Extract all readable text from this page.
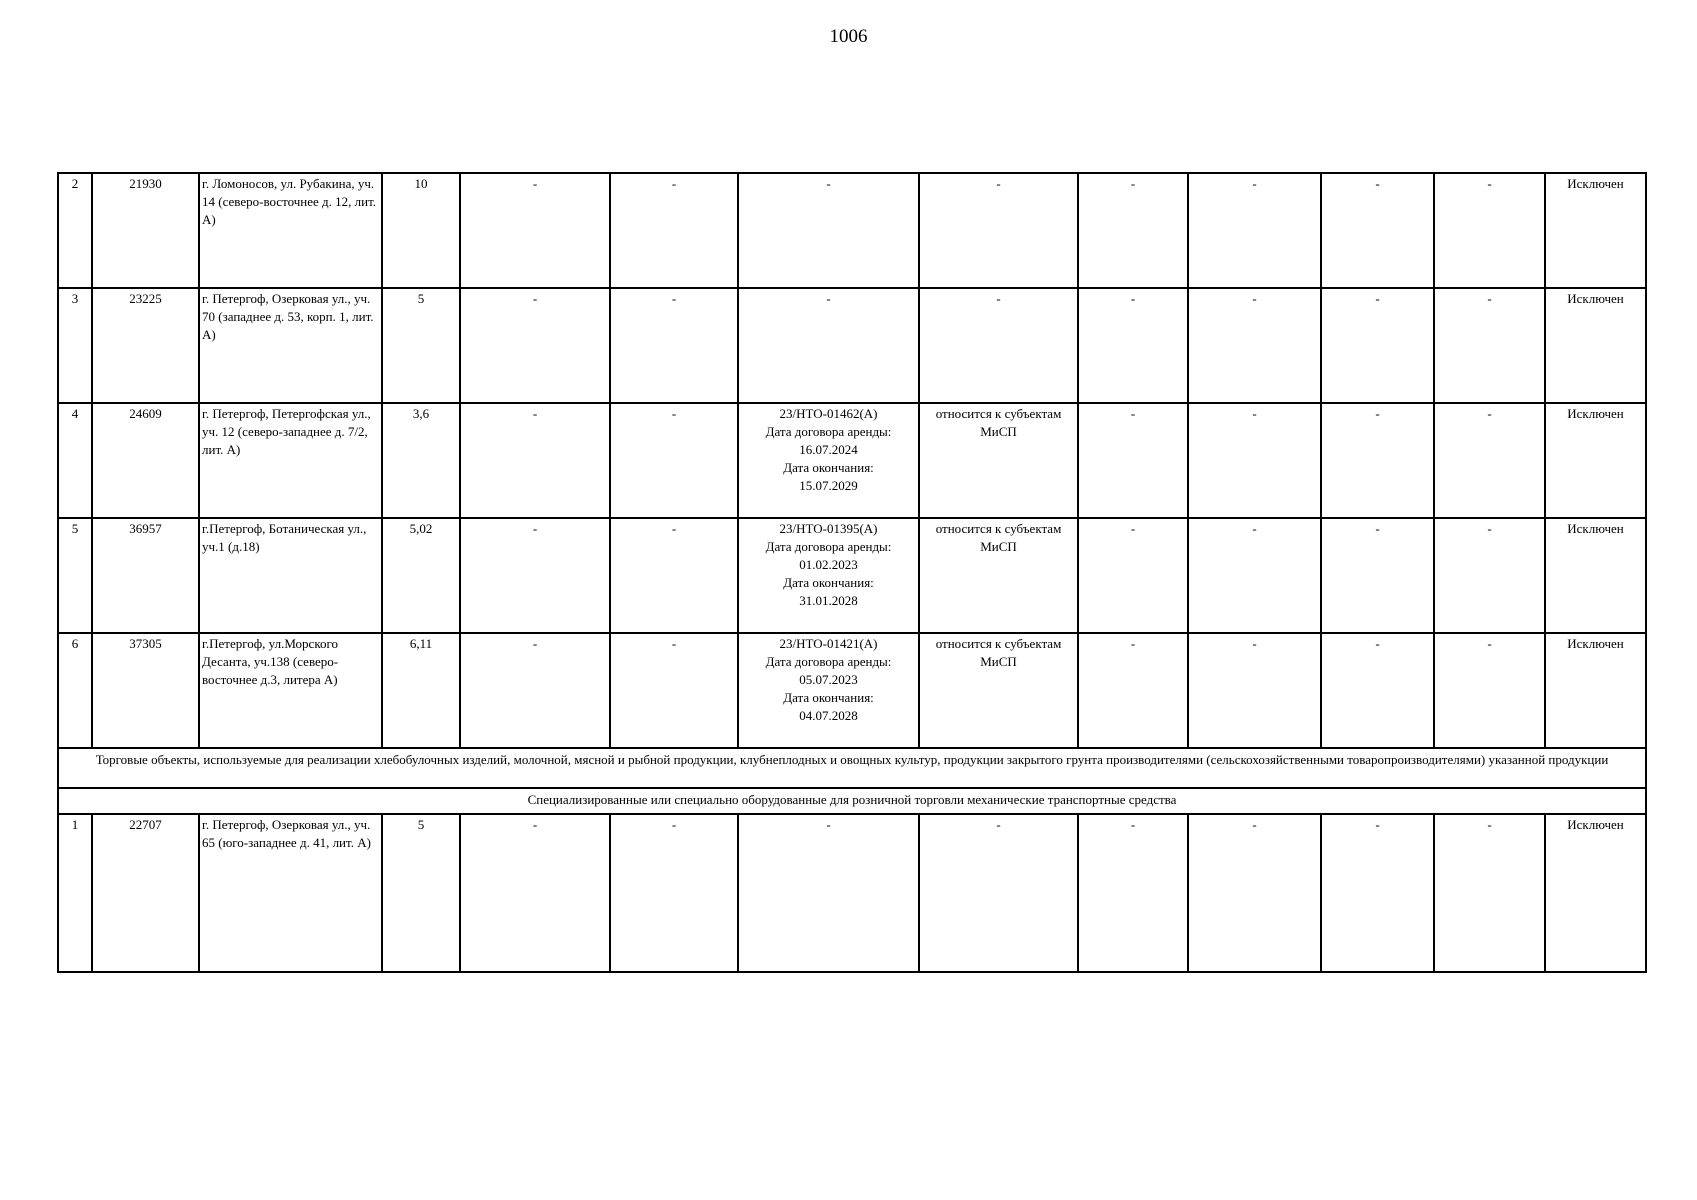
1006
2	21930	г. Ломоносов, ул. Рубакина, уч. 14 (северо-восточнее д. 12, лит. А)	10	-	-	-	-	-	-	-	-	Исключен
3	23225	г. Петергоф, Озерковая ул., уч. 70 (западнее д. 53, корп. 1, лит. А)	5	-	-	-	-	-	-	-	-	Исключен
4	24609	г. Петергоф, Петергофская ул., уч. 12 (северо-западнее д. 7/2, лит. А)	3,6	-	-	23/НТО-01462(А)
Дата договора аренды:
16.07.2024
Дата окончания:
15.07.2029	относится к субъектам МиСП	-	-	-	-	Исключен
5	36957	г.Петергоф, Ботаническая ул., уч.1 (д.18)	5,02	-	-	23/НТО-01395(А)
Дата договора аренды:
01.02.2023
Дата окончания:
31.01.2028	относится к субъектам МиСП	-	-	-	-	Исключен
6	37305	г.Петергоф, ул.Морского Десанта, уч.138 (северо-восточнее д.3, литера А)	6,11	-	-	23/НТО-01421(А)
Дата договора аренды:
05.07.2023
Дата окончания:
04.07.2028	относится к субъектам МиСП	-	-	-	-	Исключен
Торговые объекты, используемые для реализации хлебобулочных изделий, молочной, мясной и рыбной продукции, клубнеплодных и овощных культур, продукции закрытого грунта производителями (сельскохозяйственными товаропроизводителями) указанной продукции												
Специализированные или специально оборудованные для розничной торговли механические транспортные средства												
1	22707	г. Петергоф, Озерковая ул., уч. 65 (юго-западнее д. 41, лит. А)	5	-	-	-	-	-	-	-	-	Исключен
